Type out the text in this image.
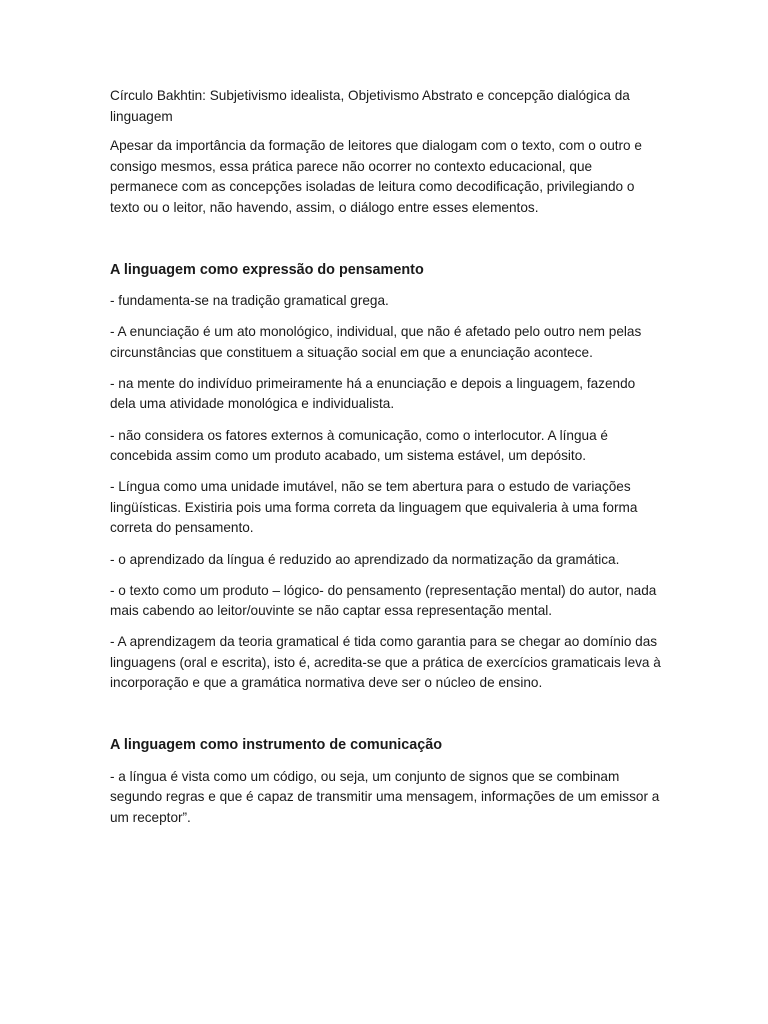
Círculo Bakhtin: Subjetivismo idealista, Objetivismo Abstrato e concepção dialógica da linguagem

Apesar da importância da formação de leitores que dialogam com o texto, com o outro e consigo mesmos, essa prática parece não ocorrer no contexto educacional, que permanece com as concepções isoladas de leitura como decodificação, privilegiando o texto ou o leitor, não havendo, assim, o diálogo entre esses elementos.

A linguagem como expressão do pensamento

- fundamenta-se na tradição gramatical grega.

- A enunciação é um ato monológico, individual, que não é afetado pelo outro nem pelas circunstâncias que constituem a situação social em que a enunciação acontece.

- na mente do indivíduo primeiramente há a enunciação e depois a linguagem, fazendo dela uma atividade monológica e individualista.

- não considera os fatores externos à comunicação, como o interlocutor. A língua é concebida assim como um produto acabado, um sistema estável, um depósito.

- Língua como uma unidade imutável, não se tem abertura para o estudo de variações lingüísticas. Existiria pois uma forma correta da linguagem que equivaleria à uma forma correta do pensamento.

- o aprendizado da língua é reduzido ao aprendizado da normatização da gramática.

- o texto como um produto – lógico- do pensamento (representação mental) do autor, nada mais cabendo ao leitor/ouvinte se não captar essa representação mental.

- A aprendizagem da teoria gramatical é tida como garantia para se chegar ao domínio das linguagens (oral e escrita), isto é, acredita-se que a prática de exercícios gramaticais leva à incorporação e que a gramática normativa deve ser o núcleo de ensino.

A linguagem como instrumento de comunicação

- a língua é vista como um código, ou seja, um conjunto de signos que se combinam segundo regras e que é capaz de transmitir uma mensagem, informações de um emissor a um receptor”.
